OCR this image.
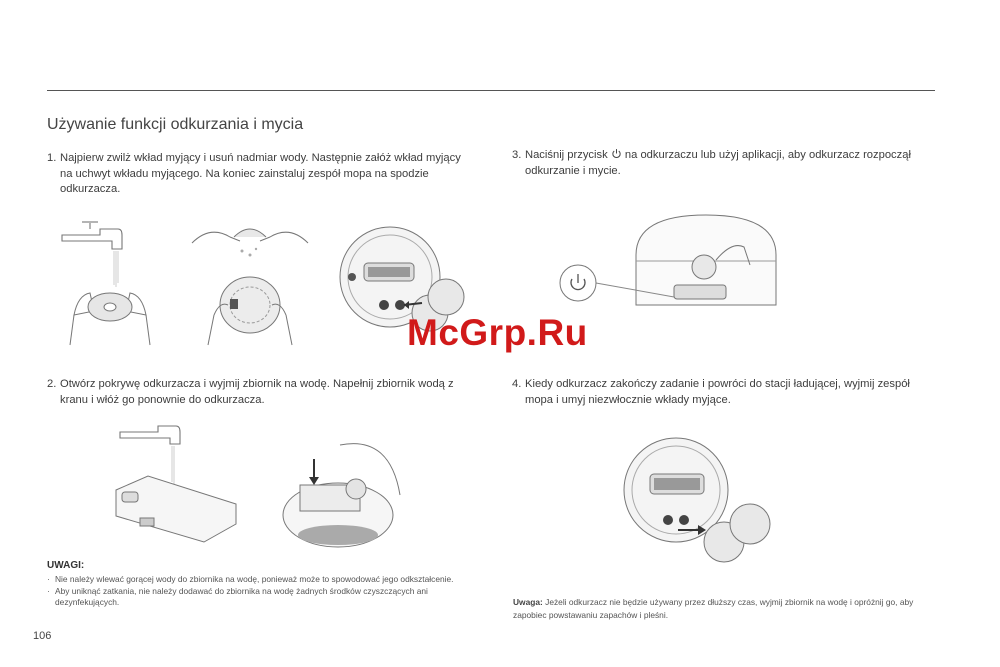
Używanie funkcji odkurzania i mycia
1. Najpierw zwilż wkład myjący i usuń nadmiar wody. Następnie załóż wkład myjący na uchwyt wkładu myjącego. Na koniec zainstaluj zespół mopa na spodzie odkurzacza.
2. Otwórz pokrywę odkurzacza i wyjmij zbiornik na wodę. Napełnij zbiornik wodą z kranu i włóż go ponownie do odkurzacza.
3. Naciśnij przycisk na odkurzaczu lub użyj aplikacji, aby odkurzacz rozpoczął odkurzanie i mycie.
4. Kiedy odkurzacz zakończy zadanie i powróci do stacji ładującej, wyjmij zespół mopa i umyj niezwłocznie wkłady myjące.
UWAGI:
· Nie należy wlewać gorącej wody do zbiornika na wodę, ponieważ może to spowodować jego odkształcenie.
· Aby uniknąć zatkania, nie należy dodawać do zbiornika na wodę żadnych środków czyszczących ani dezynfekujących.	Uwaga: Jeżeli odkurzacz nie będzie używany przez dłuższy czas, wyjmij zbiornik na wodę i opróżnij go, aby zapobiec powstawaniu zapachów i pleśni.
106
McGrp.Ru
